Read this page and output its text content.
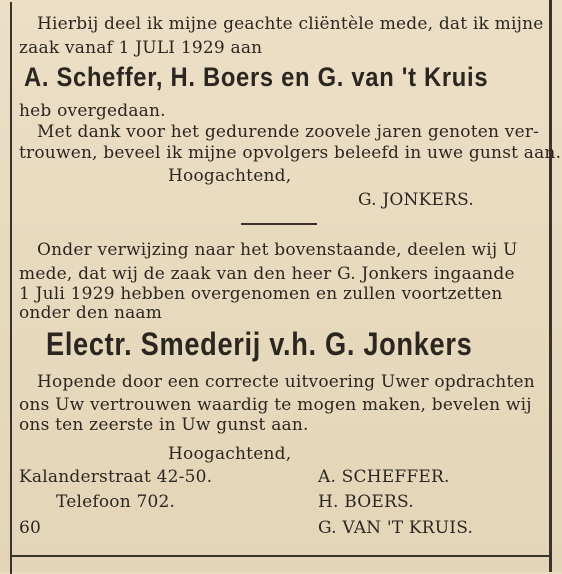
Hierbij deel ik mijne geachte cliëntèle mede, dat ik mijne
zaak vanaf 1 JULI 1929 aan
A. Scheffer, H. Boers en G. van 't Kruis
heb overgedaan.
Met dank voor het gedurende zoovele jaren genoten ver-
trouwen, beveel ik mijne opvolgers beleefd in uwe gunst aan.
Hoogachtend,
G. JONKERS.
Onder verwijzing naar het bovenstaande, deelen wij U
mede, dat wij de zaak van den heer G. Jonkers ingaande
1 Juli 1929 hebben overgenomen en zullen voortzetten
onder den naam
Electr. Smederij v.h. G. Jonkers
Hopende door een correcte uitvoering Uwer opdrachten
ons Uw vertrouwen waardig te mogen maken, bevelen wij
ons ten zeerste in Uw gunst aan.
Hoogachtend,
Kalanderstraat 42-50.
Telefoon 702.
A. SCHEFFER.
H. BOERS.
G. VAN 'T KRUIS.
60
